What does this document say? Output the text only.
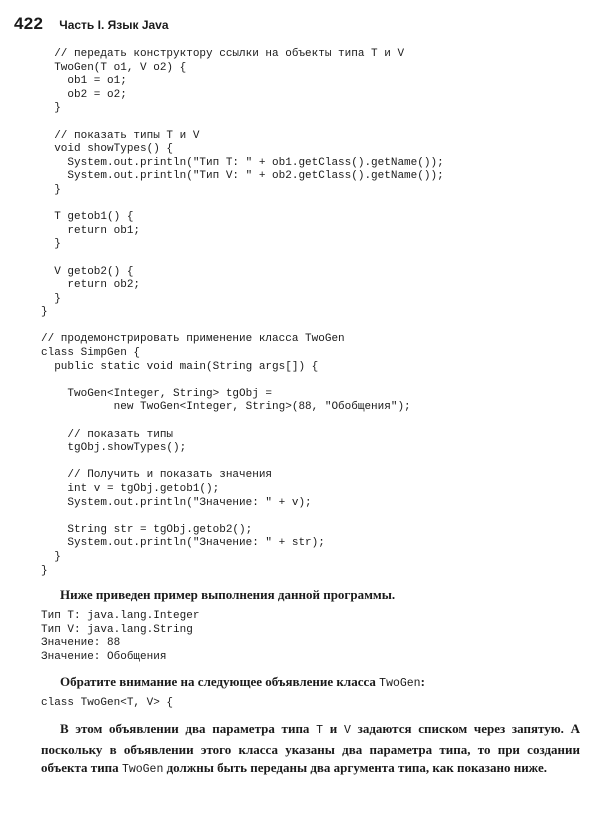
422 Часть I. Язык Java
// передать конструктору ссылки на объекты типа T и V
TwoGen(T o1, V o2) {
ob1 = o1;
ob2 = o2;
}
// показать типы T и V
void showTypes() {
System.out.println("Тип T: " + ob1.getClass().getName());
System.out.println("Тип V: " + ob2.getClass().getName());
}
T getob1() {
return ob1;
}
V getob2() {
return ob2;
}
}
// продемонстрировать применение класса TwoGen
class SimpGen {
public static void main(String args[]) {
TwoGen<Integer, String> tgObj =
new TwoGen<Integer, String>(88, "Обобщения");
// показать типы
tgObj.showTypes();
// Получить и показать значения
int v = tgObj.getob1();
System.out.println("Значение: " + v);
String str = tgObj.getob2();
System.out.println("Значение: " + str);
}
}

Ниже приведен пример выполнения данной программы.

Тип T: java.lang.Integer
Тип V: java.lang.String
Значение: 88
Значение: Обобщения

Обратите внимание на следующее объявление класса TwoGen:

class TwoGen<T, V> {

В этом объявлении два параметра типа T и V задаются списком через запятую. А поскольку в объявлении этого класса указаны два параметра типа, то при создании объекта типа TwoGen должны быть переданы два аргумента типа, как показано ниже.
